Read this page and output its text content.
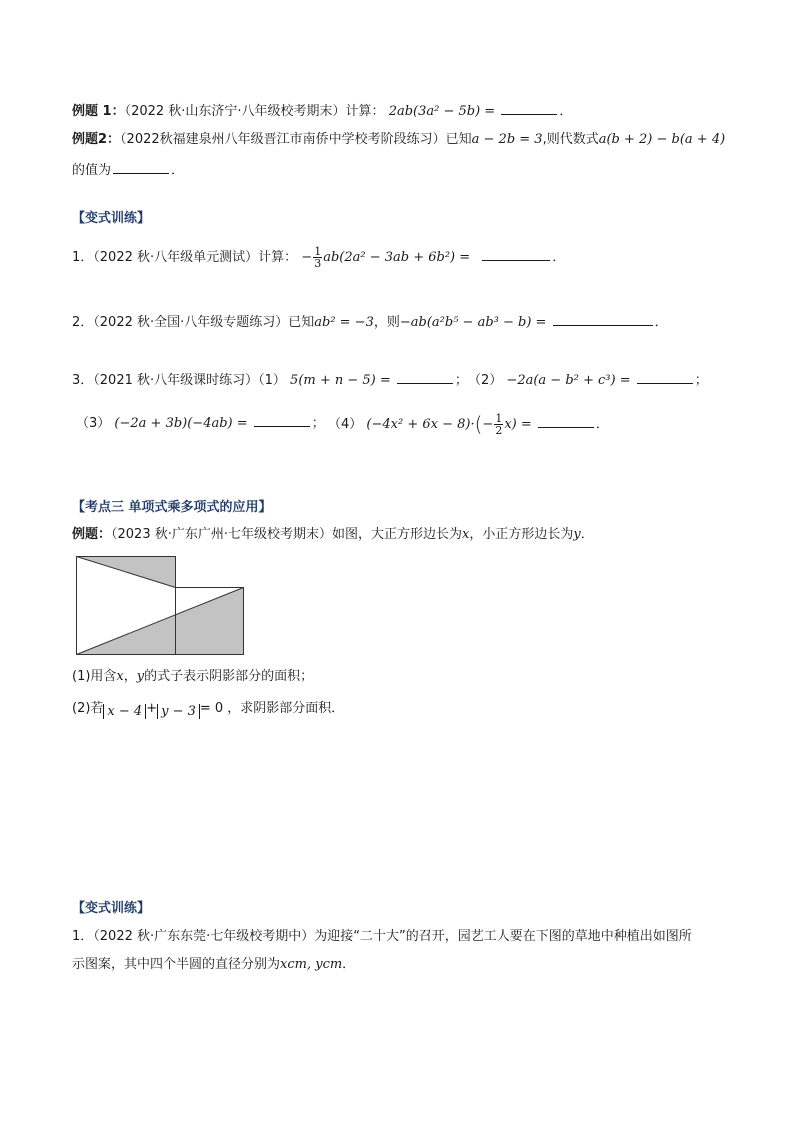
例题 1：（2022 秋·山东济宁·八年级校考期末）计算： 2ab(3a² − 5b) =	．
例题2：（2022秋福建泉州八年级晋江市南侨中学校考阶段练习）已知a − 2b = 3,则代数式a(b + 2) − b(a + 4)
的值为	．
【变式训练】
1．（2022 秋·八年级单元测试）计算： − $\frac{1}{3} ab(2a^2 - 3ab + 6b^2)$ =	．
2．（2022 秋·全国·八年级专题练习）已知ab² = −3，则−ab(a²b⁵ − ab³ − b) =	．
3．（2021 秋·八年级课时练习）（1） 5(m + n − 5) =	； （2） −2a(a − b² + c³) =	；
（3） (−2a + 3b)(−4ab) =	； （4） $(-4x^2 + 6x - 8)\cdot(- \frac{1}{2} x)$ =	．
【考点三 单项式乘多项式的应用】
例题：（2023 秋·广东广州·七年级校考期末）如图，大正方形边长为x，小正方形边长为y．
(1)用含x，y的式子表示阴影部分的面积；
(2)若 x − 4 + y − 3 = 0 ，求阴影部分面积．
【变式训练】
1．（2022 秋·广东东莞·七年级校考期中）为迎接“二十大”的召开，园艺工人要在下图的草地中种植出如图所
示图案，其中四个半圆的直径分别为xcm, ycm．
